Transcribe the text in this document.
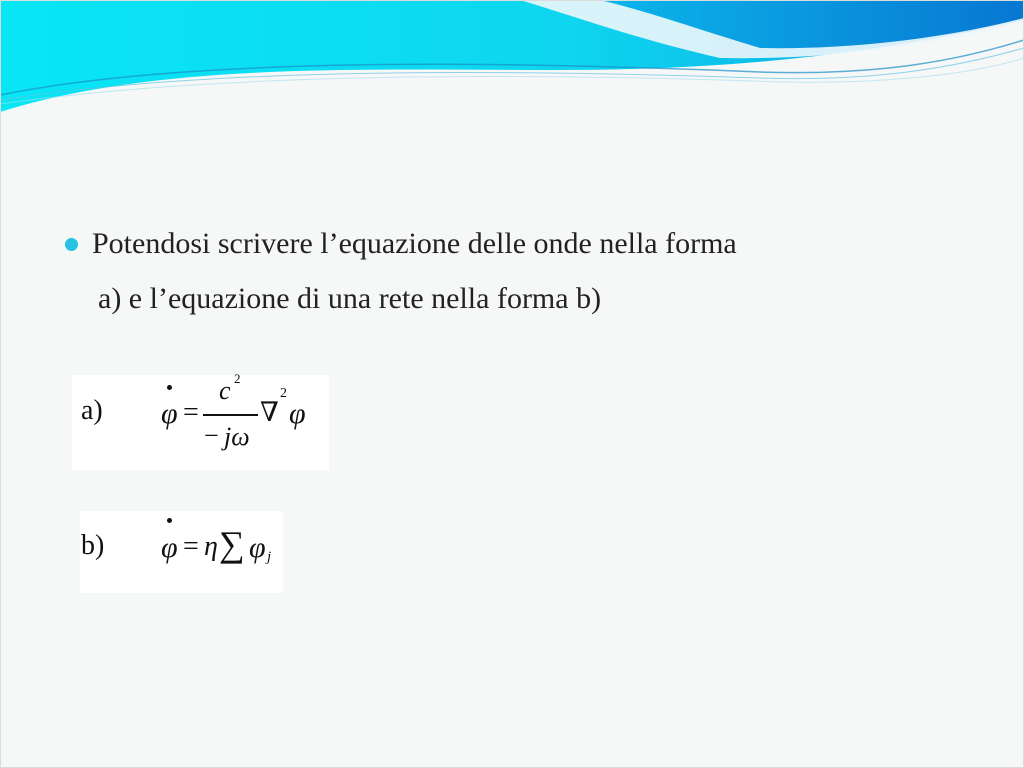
Potendosi scrivere l’equazione delle onde nella forma
a) e l’equazione di una rete nella forma b)
a) φ =
c 2
− jω
∇
2
φ
b) φ = η ∑ φ j
